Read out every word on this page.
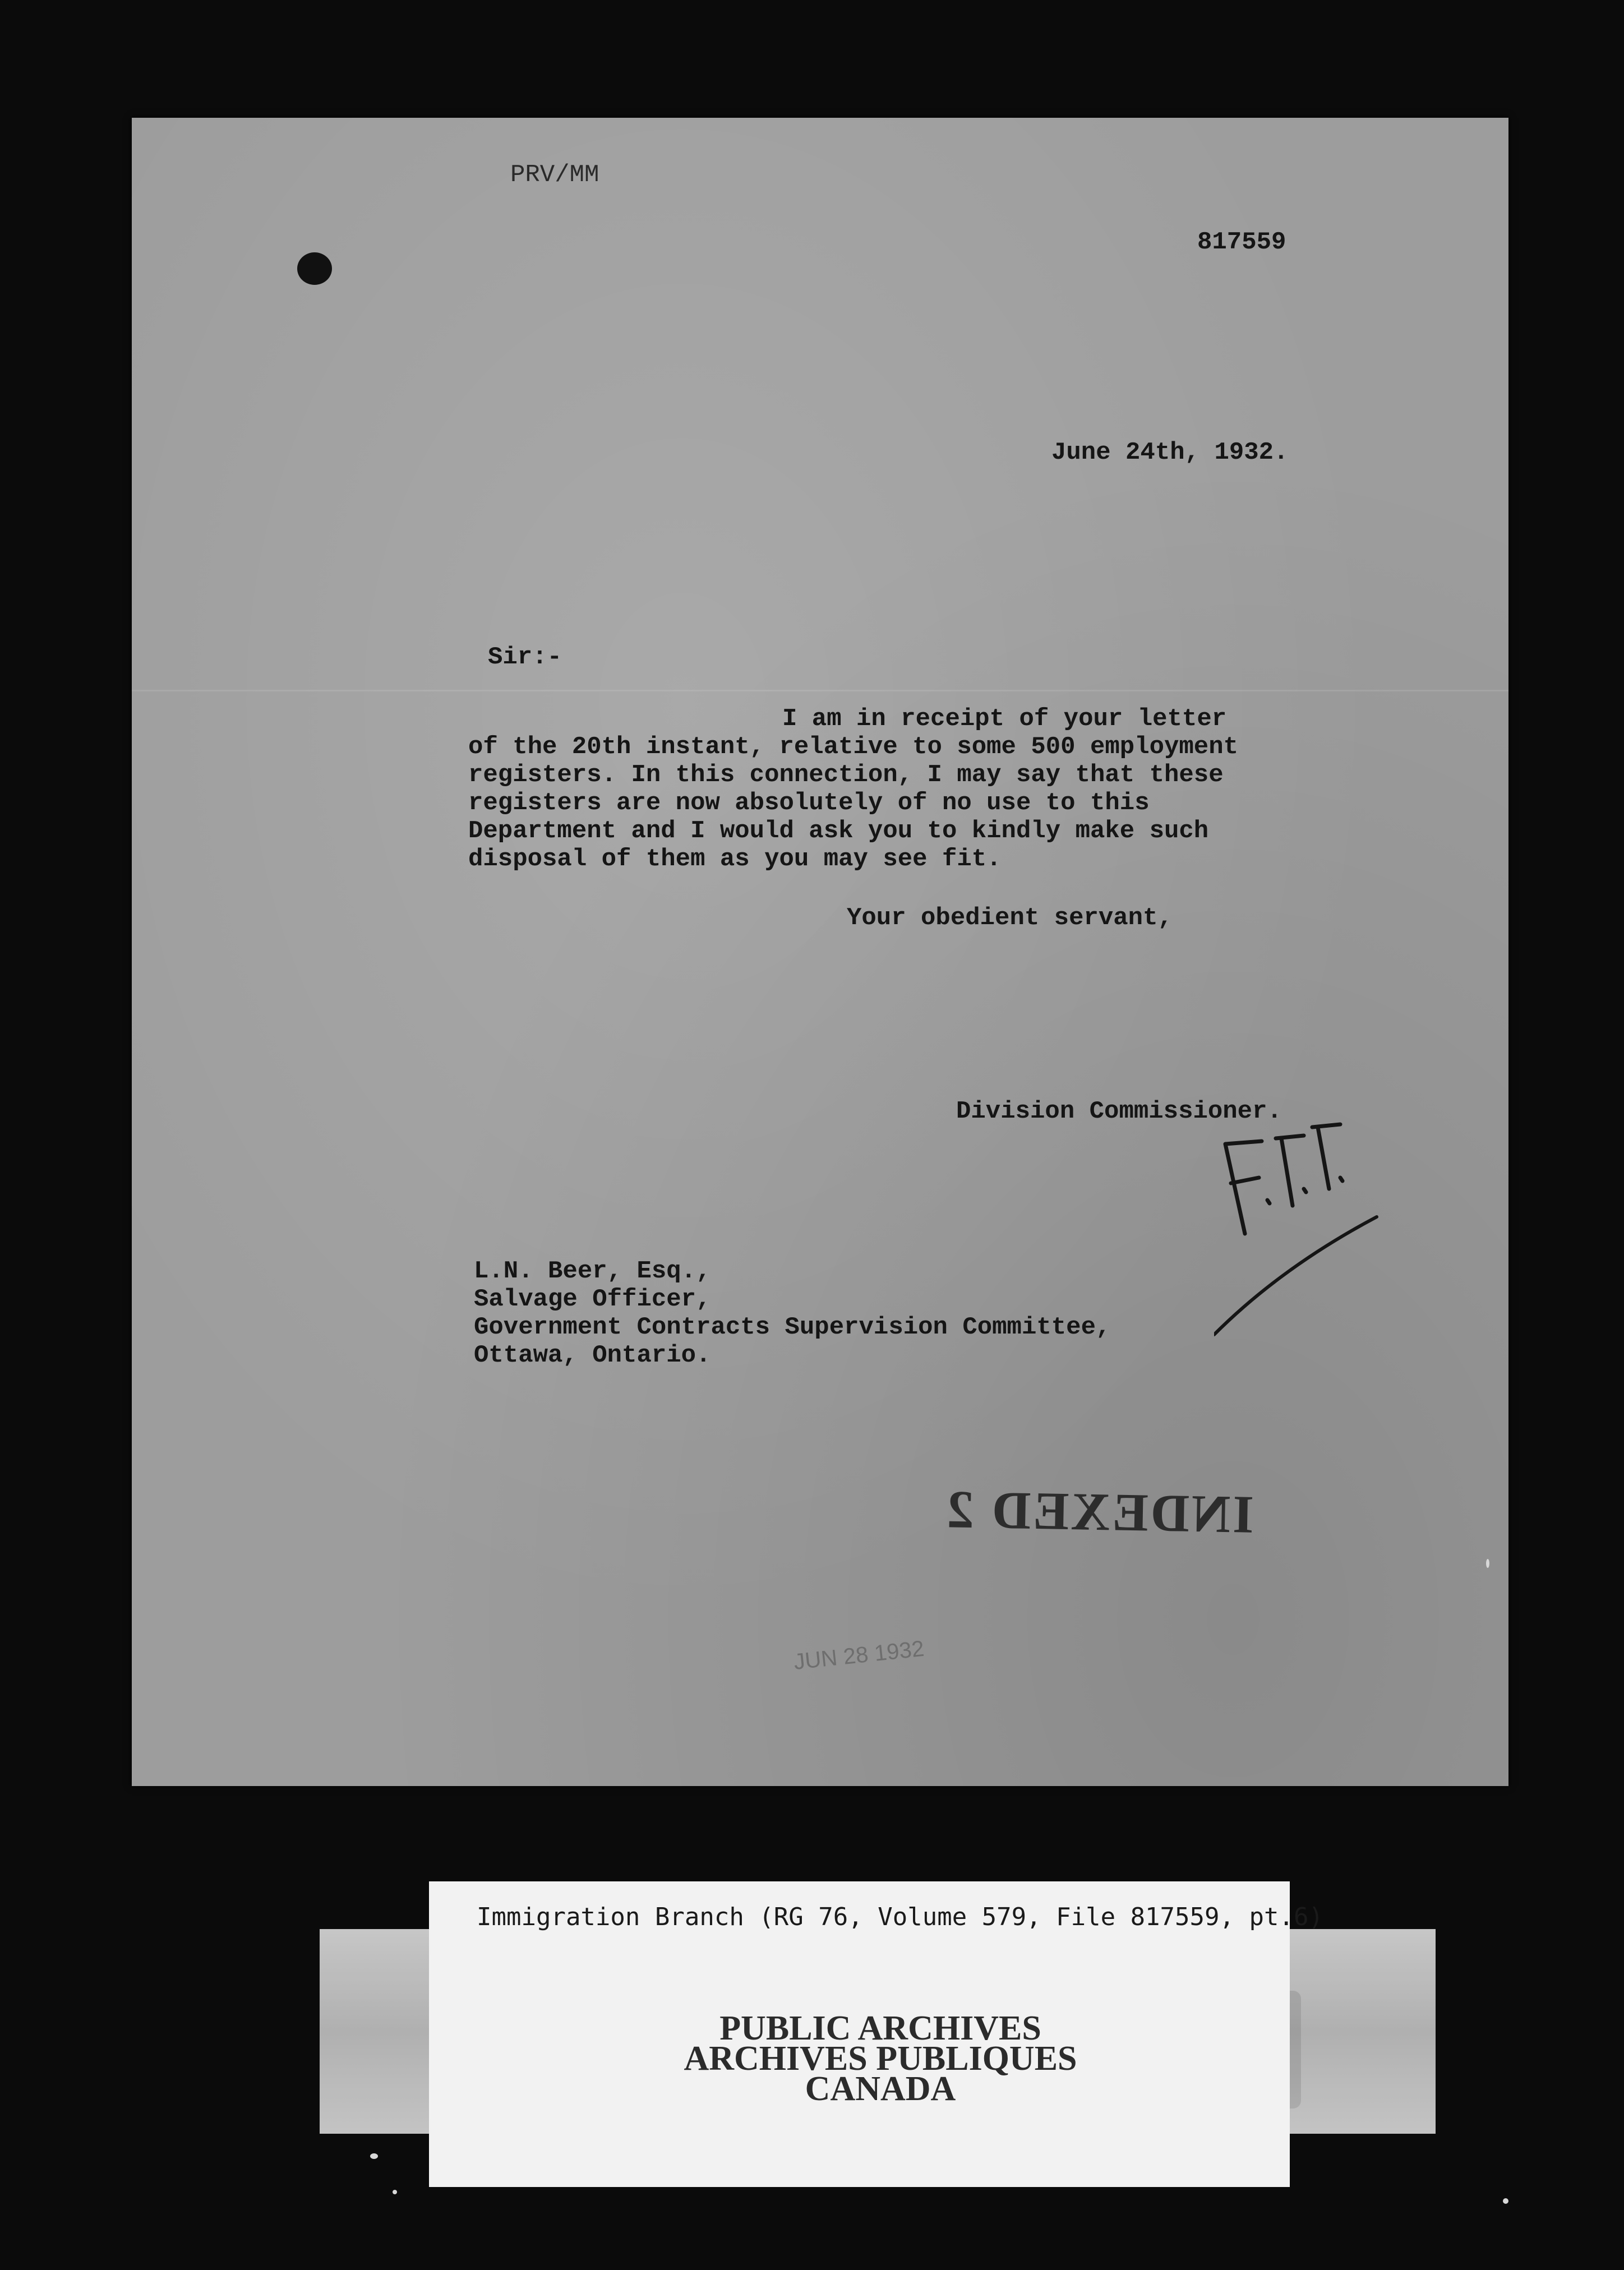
PRV/MM
817559
June 24th, 1932.
Sir:-
I am in receipt of your letter
of the 20th instant, relative to some 500 employment
registers. In this connection, I may say that these
registers are now absolutely of no use to this
Department and I would ask you to kindly make such
disposal of them as you may see fit.
Your obedient servant,
Division Commissioner.
L.N. Beer, Esq.,
Salvage Officer,
Government Contracts Supervision Committee,
Ottawa, Ontario.
INDEXED 2
JUN 28 1932
Immigration Branch (RG 76, Volume 579, File 817559, pt.6)
PUBLIC ARCHIVES
ARCHIVES PUBLIQUES
CANADA
